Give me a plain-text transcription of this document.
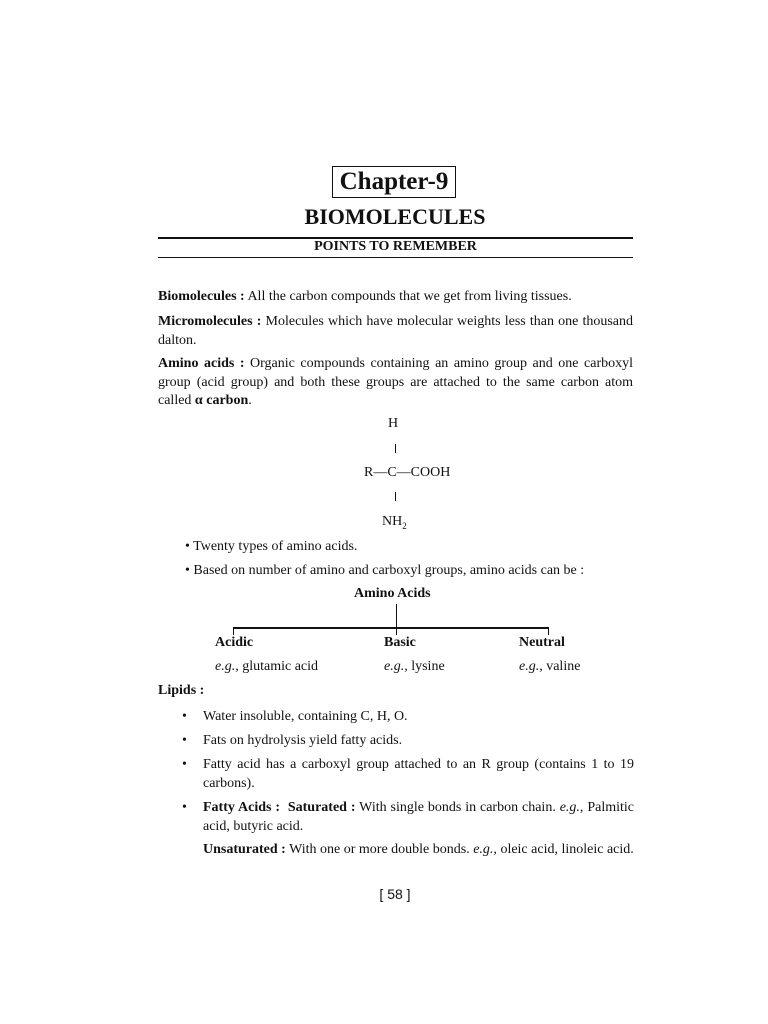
Chapter-9
BIOMOLECULES
POINTS TO REMEMBER
Biomolecules : All the carbon compounds that we get from living tissues.
Micromolecules : Molecules which have molecular weights less than one thousand dalton.
Amino acids : Organic compounds containing an amino group and one carboxyl group (acid group) and both these groups are attached to the same carbon atom called α carbon.
H
R—C—COOH
$NH_2$
• Twenty types of amino acids.
• Based on number of amino and carboxyl groups, amino acids can be :
Amino Acids
Acidic	Basic	Neutral
e.g., glutamic acid	e.g., lysine	e.g., valine
Lipids :
• Water insoluble, containing C, H, O.
• Fats on hydrolysis yield fatty acids.
• Fatty acid has a carboxyl group attached to an R group (contains 1 to 19 carbons).
• Fatty Acids : Saturated : With single bonds in carbon chain. e.g., Palmitic acid, butyric acid.
Unsaturated : With one or more double bonds. e.g., oleic acid, linoleic acid.
[ 58 ]
